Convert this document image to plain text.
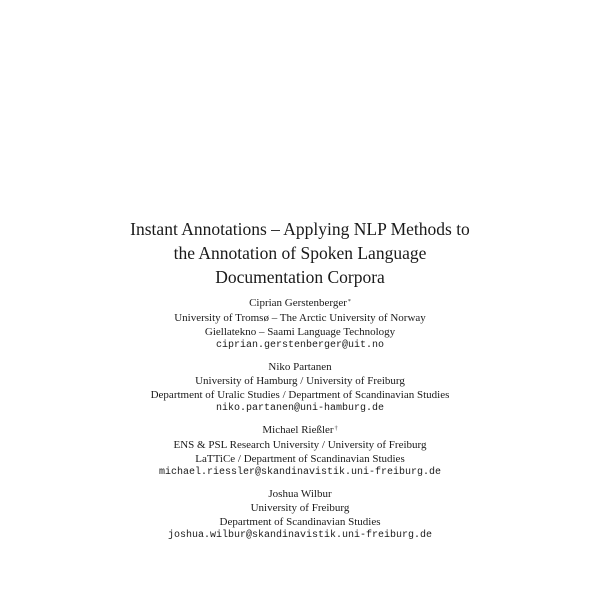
Instant Annotations – Applying NLP Methods to
the Annotation of Spoken Language
Documentation Corpora
Ciprian Gerstenberger*
University of Tromsø – The Arctic University of Norway
Giellatekno – Saami Language Technology
ciprian.gerstenberger@uit.no
Niko Partanen
University of Hamburg / University of Freiburg
Department of Uralic Studies / Department of Scandinavian Studies
niko.partanen@uni-hamburg.de
Michael Rießler†
ENS & PSL Research University / University of Freiburg
LaTTiCe / Department of Scandinavian Studies
michael.riessler@skandinavistik.uni-freiburg.de
Joshua Wilbur
University of Freiburg
Department of Scandinavian Studies
joshua.wilbur@skandinavistik.uni-freiburg.de
